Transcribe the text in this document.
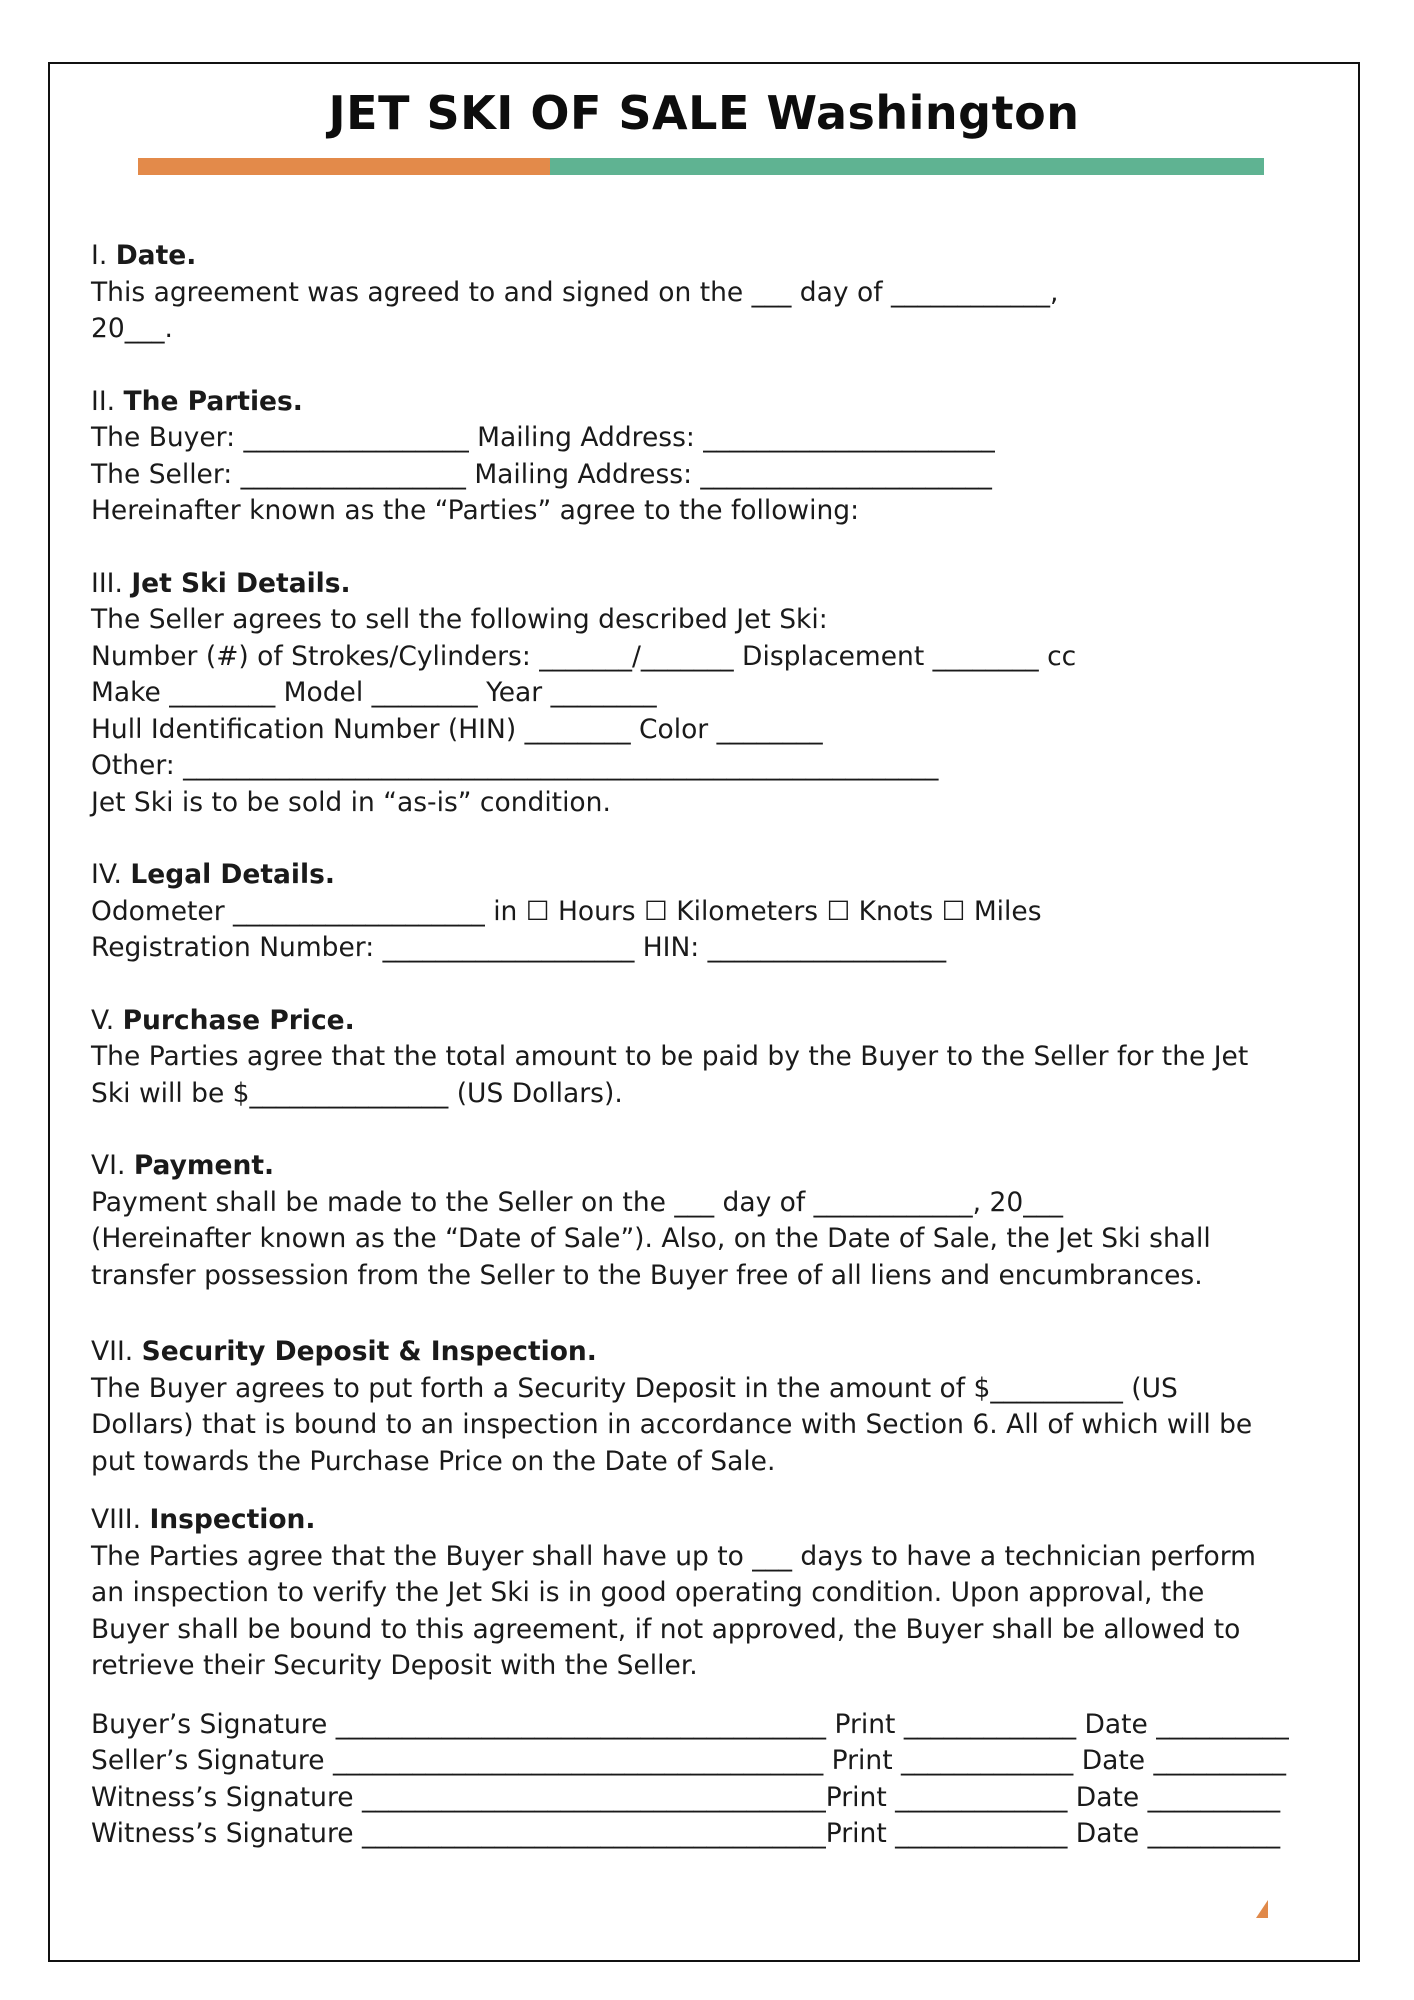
JET SKI OF SALE Washington
I. Date.
This agreement was agreed to and signed on the ___ day of ____________,
20___.
II. The Parties.
The Buyer: _________________ Mailing Address: ______________________
The Seller: _________________ Mailing Address: ______________________
Hereinafter known as the “Parties” agree to the following:
III. Jet Ski Details.
The Seller agrees to sell the following described Jet Ski:
Number (#) of Strokes/Cylinders: _______/_______ Displacement ________ cc
Make ________ Model ________ Year ________
Hull Identification Number (HIN) ________ Color ________
Other: _________________________________________________________
Jet Ski is to be sold in “as-is” condition.
IV. Legal Details.
Odometer ___________________ in ☐ Hours ☐ Kilometers ☐ Knots ☐ Miles
Registration Number: ___________________ HIN: __________________
V. Purchase Price.
The Parties agree that the total amount to be paid by the Buyer to the Seller for the Jet
Ski will be $_______________ (US Dollars).
VI. Payment.
Payment shall be made to the Seller on the ___ day of ____________, 20___
(Hereinafter known as the “Date of Sale”). Also, on the Date of Sale, the Jet Ski shall
transfer possession from the Seller to the Buyer free of all liens and encumbrances.
VII. Security Deposit & Inspection.
The Buyer agrees to put forth a Security Deposit in the amount of $__________ (US
Dollars) that is bound to an inspection in accordance with Section 6. All of which will be
put towards the Purchase Price on the Date of Sale.
VIII. Inspection.
The Parties agree that the Buyer shall have up to ___ days to have a technician perform
an inspection to verify the Jet Ski is in good operating condition. Upon approval, the
Buyer shall be bound to this agreement, if not approved, the Buyer shall be allowed to
retrieve their Security Deposit with the Seller.
Buyer’s Signature _____________________________________ Print _____________ Date __________
Seller’s Signature _____________________________________ Print _____________ Date __________
Witness’s Signature ___________________________________Print _____________ Date __________
Witness’s Signature ___________________________________Print _____________ Date __________
